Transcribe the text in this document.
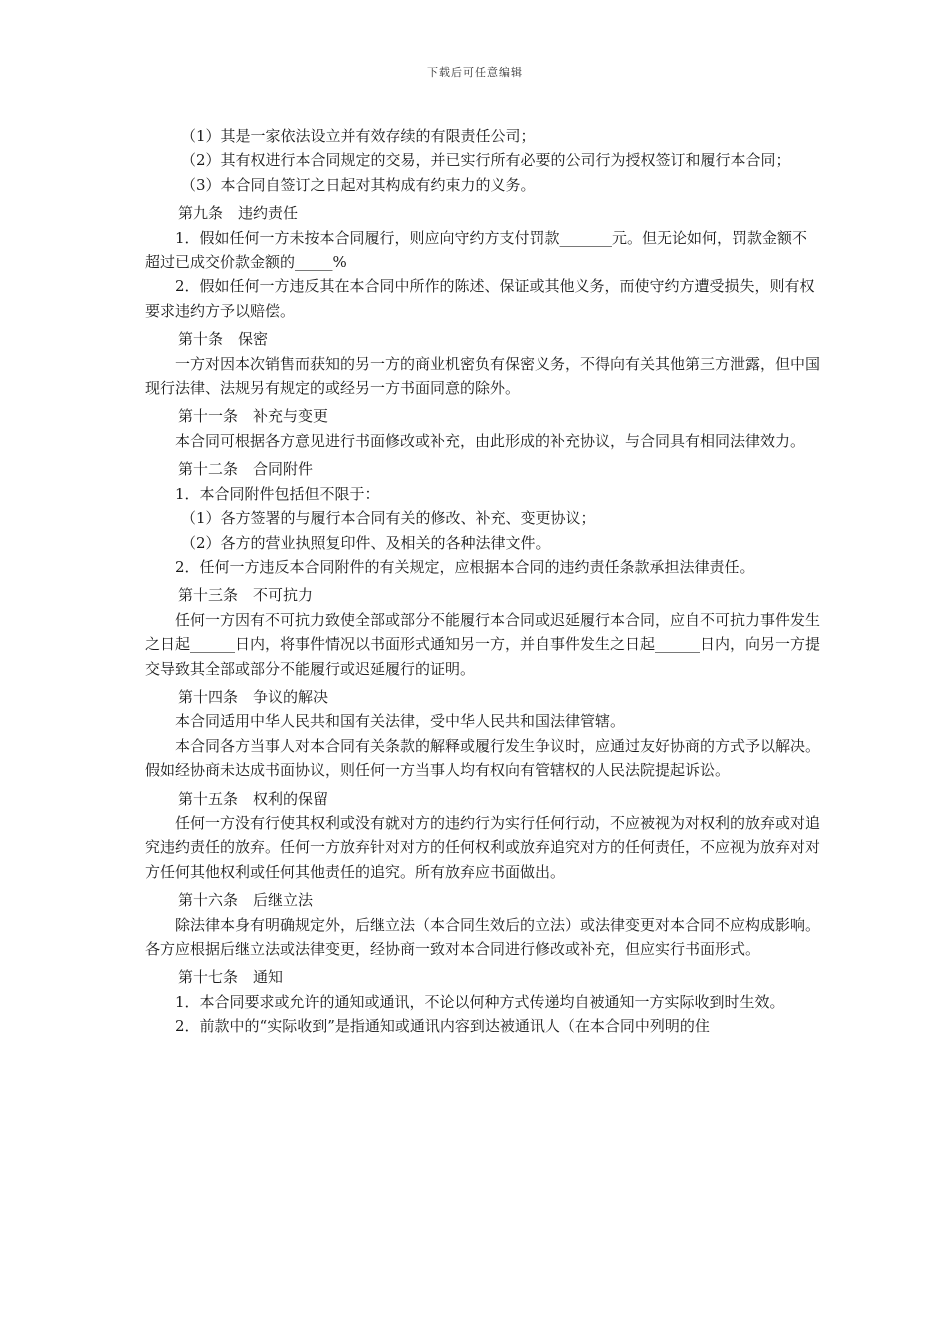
下载后可任意编辑

（1）其是一家依法设立并有效存续的有限责任公司；

（2）其有权进行本合同规定的交易，并已实行所有必要的公司行为授权签订和履行本合同；

（3）本合同自签订之日起对其构成有约束力的义务。

第九条　违约责任

1．假如任何一方未按本合同履行，则应向守约方支付罚款_______元。但无论如何，罚款金额不超过已成交价款金额的_____%

2．假如任何一方违反其在本合同中所作的陈述、保证或其他义务，而使守约方遭受损失，则有权要求违约方予以赔偿。

第十条　保密

一方对因本次销售而获知的另一方的商业机密负有保密义务，不得向有关其他第三方泄露，但中国现行法律、法规另有规定的或经另一方书面同意的除外。

第十一条　补充与变更

本合同可根据各方意见进行书面修改或补充，由此形成的补充协议，与合同具有相同法律效力。

第十二条　合同附件

1．本合同附件包括但不限于：

（1）各方签署的与履行本合同有关的修改、补充、变更协议；

（2）各方的营业执照复印件、及相关的各种法律文件。

2．任何一方违反本合同附件的有关规定，应根据本合同的违约责任条款承担法律责任。

第十三条　不可抗力

任何一方因有不可抗力致使全部或部分不能履行本合同或迟延履行本合同，应自不可抗力事件发生之日起______日内，将事件情况以书面形式通知另一方，并自事件发生之日起______日内，向另一方提交导致其全部或部分不能履行或迟延履行的证明。

第十四条　争议的解决

本合同适用中华人民共和国有关法律，受中华人民共和国法律管辖。

本合同各方当事人对本合同有关条款的解释或履行发生争议时，应通过友好协商的方式予以解决。假如经协商未达成书面协议，则任何一方当事人均有权向有管辖权的人民法院提起诉讼。

第十五条　权利的保留

任何一方没有行使其权利或没有就对方的违约行为实行任何行动，不应被视为对权利的放弃或对追究违约责任的放弃。任何一方放弃针对对方的任何权利或放弃追究对方的任何责任，不应视为放弃对对方任何其他权利或任何其他责任的追究。所有放弃应书面做出。

第十六条　后继立法

除法律本身有明确规定外，后继立法（本合同生效后的立法）或法律变更对本合同不应构成影响。各方应根据后继立法或法律变更，经协商一致对本合同进行修改或补充，但应实行书面形式。

第十七条　通知

1．本合同要求或允许的通知或通讯，不论以何种方式传递均自被通知一方实际收到时生效。

2．前款中的“实际收到”是指通知或通讯内容到达被通讯人（在本合同中列明的住
